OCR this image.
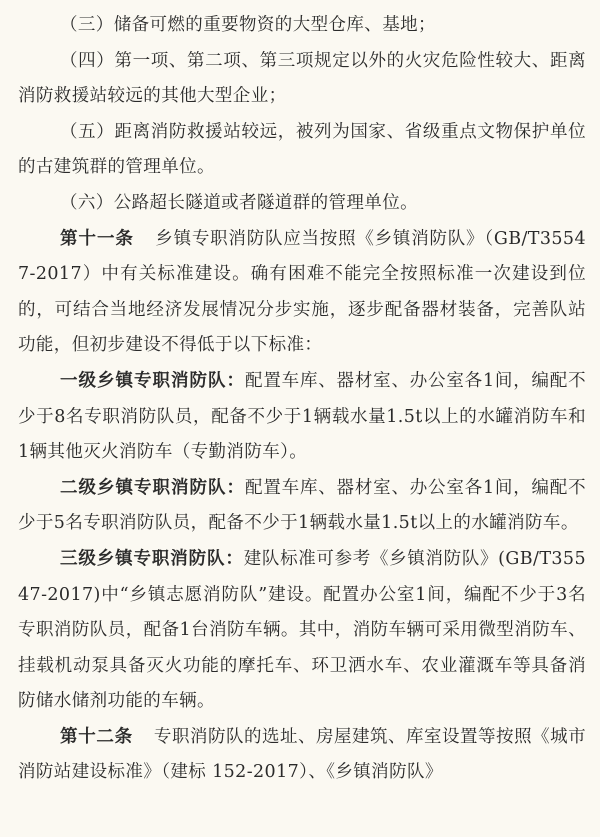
（三）储备可燃的重要物资的大型仓库、基地；

（四）第一项、第二项、第三项规定以外的火灾危险性较大、距离消防救援站较远的其他大型企业；

（五）距离消防救援站较远，被列为国家、省级重点文物保护单位的古建筑群的管理单位。

（六）公路超长隧道或者隧道群的管理单位。

第十一条 乡镇专职消防队应当按照《乡镇消防队》（GB/T35547-2017）中有关标准建设。确有困难不能完全按照标准一次建设到位的，可结合当地经济发展情况分步实施，逐步配备器材装备，完善队站功能，但初步建设不得低于以下标准：

一级乡镇专职消防队：配置车库、器材室、办公室各1间，编配不少于8名专职消防队员，配备不少于1辆载水量1.5t以上的水罐消防车和1辆其他灭火消防车（专勤消防车）。

二级乡镇专职消防队：配置车库、器材室、办公室各1间，编配不少于5名专职消防队员，配备不少于1辆载水量1.5t以上的水罐消防车。

三级乡镇专职消防队：建队标准可参考《乡镇消防队》(GB/T35547-2017)中“乡镇志愿消防队”建设。配置办公室1间，编配不少于3名专职消防队员，配备1台消防车辆。其中，消防车辆可采用微型消防车、挂载机动泵具备灭火功能的摩托车、环卫洒水车、农业灌溉车等具备消防储水储剂功能的车辆。

第十二条 专职消防队的选址、房屋建筑、库室设置等按照《城市消防站建设标准》（建标 152-2017）、《乡镇消防队》
